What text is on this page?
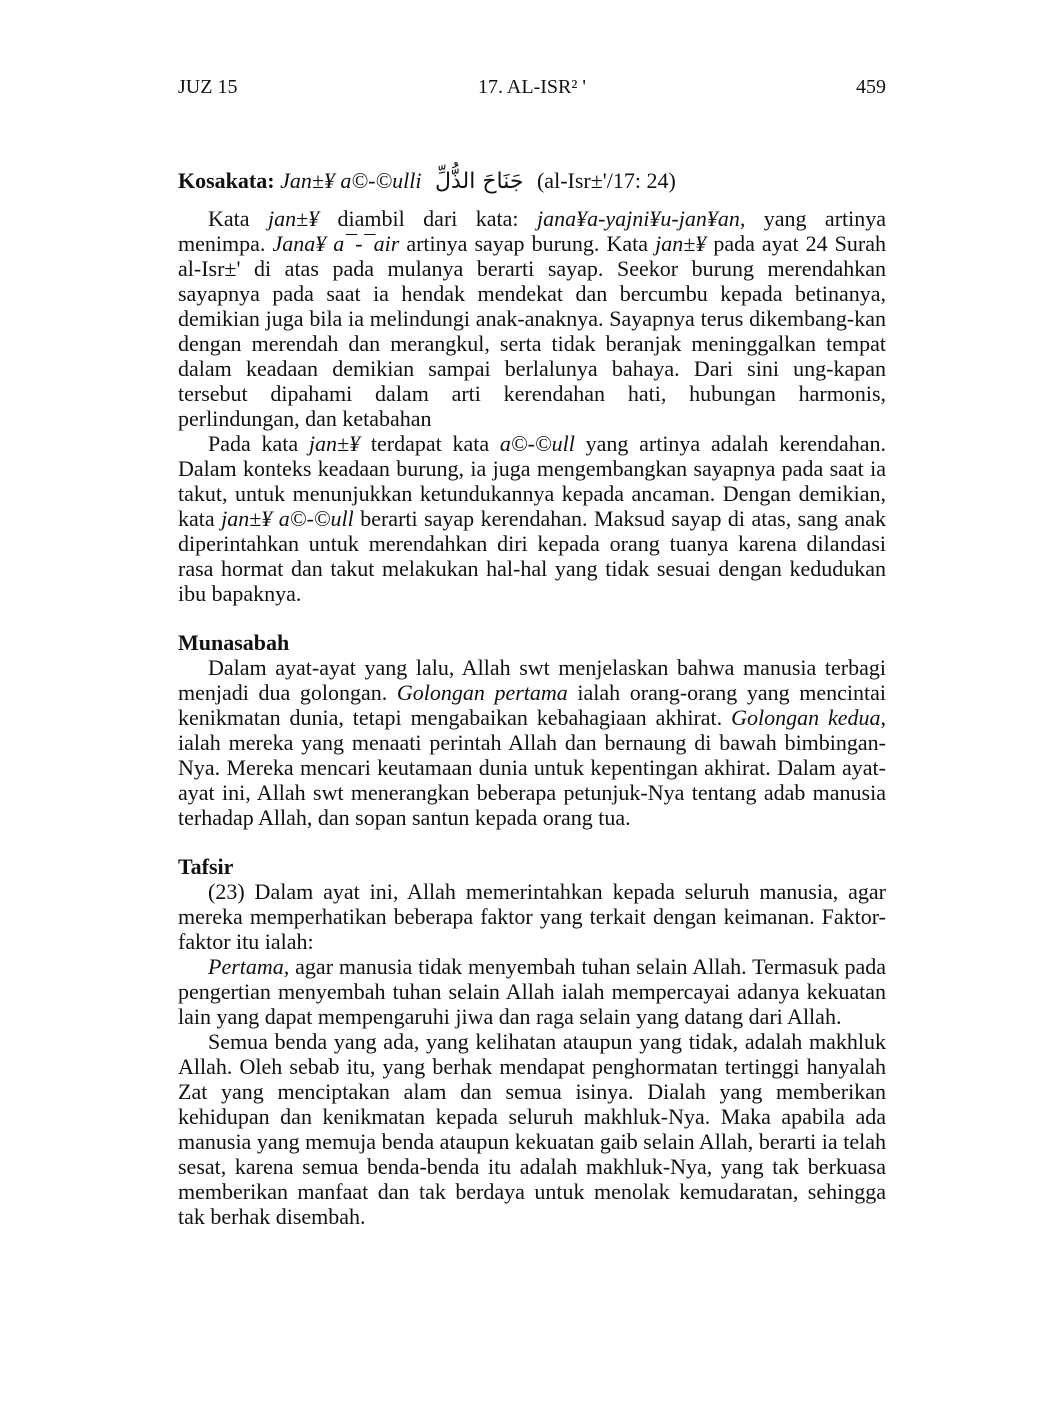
JUZ 15	17. AL-ISR² '	459
Kosakata: Jan±¥ a©-©ulli جَنَاحَ الذُّلِّ (al-Isr±'/17: 24)

Kata jan±¥ diambil dari kata: jana¥a-yajni¥u-jan¥an, yang artinya menimpa. Jana¥ a¯-¯air artinya sayap burung. Kata jan±¥ pada ayat 24 Surah al-Isr±' di atas pada mulanya berarti sayap. Seekor burung merendahkan sayapnya pada saat ia hendak mendekat dan bercumbu kepada betinanya, demikian juga bila ia melindungi anak-anaknya. Sayapnya terus dikembang-kan dengan merendah dan merangkul, serta tidak beranjak meninggalkan tempat dalam keadaan demikian sampai berlalunya bahaya. Dari sini ung-kapan tersebut dipahami dalam arti kerendahan hati, hubungan harmonis, perlindungan, dan ketabahan

Pada kata jan±¥ terdapat kata a©-©ull yang artinya adalah kerendahan. Dalam konteks keadaan burung, ia juga mengembangkan sayapnya pada saat ia takut, untuk menunjukkan ketundukannya kepada ancaman. Dengan demikian, kata jan±¥ a©-©ull berarti sayap kerendahan. Maksud sayap di atas, sang anak diperintahkan untuk merendahkan diri kepada orang tuanya karena dilandasi rasa hormat dan takut melakukan hal-hal yang tidak sesuai dengan kedudukan ibu bapaknya.

Munasabah

Dalam ayat-ayat yang lalu, Allah swt menjelaskan bahwa manusia terbagi menjadi dua golongan. Golongan pertama ialah orang-orang yang mencintai kenikmatan dunia, tetapi mengabaikan kebahagiaan akhirat. Golongan kedua, ialah mereka yang menaati perintah Allah dan bernaung di bawah bimbingan-Nya. Mereka mencari keutamaan dunia untuk kepentingan akhirat. Dalam ayat-ayat ini, Allah swt menerangkan beberapa petunjuk-Nya tentang adab manusia terhadap Allah, dan sopan santun kepada orang tua.

Tafsir

(23) Dalam ayat ini, Allah memerintahkan kepada seluruh manusia, agar mereka memperhatikan beberapa faktor yang terkait dengan keimanan. Faktor-faktor itu ialah:

Pertama, agar manusia tidak menyembah tuhan selain Allah. Termasuk pada pengertian menyembah tuhan selain Allah ialah mempercayai adanya kekuatan lain yang dapat mempengaruhi jiwa dan raga selain yang datang dari Allah.

Semua benda yang ada, yang kelihatan ataupun yang tidak, adalah makhluk Allah. Oleh sebab itu, yang berhak mendapat penghormatan tertinggi hanyalah Zat yang menciptakan alam dan semua isinya. Dialah yang memberikan kehidupan dan kenikmatan kepada seluruh makhluk-Nya. Maka apabila ada manusia yang memuja benda ataupun kekuatan gaib selain Allah, berarti ia telah sesat, karena semua benda-benda itu adalah makhluk-Nya, yang tak berkuasa memberikan manfaat dan tak berdaya untuk menolak kemudaratan, sehingga tak berhak disembah.
